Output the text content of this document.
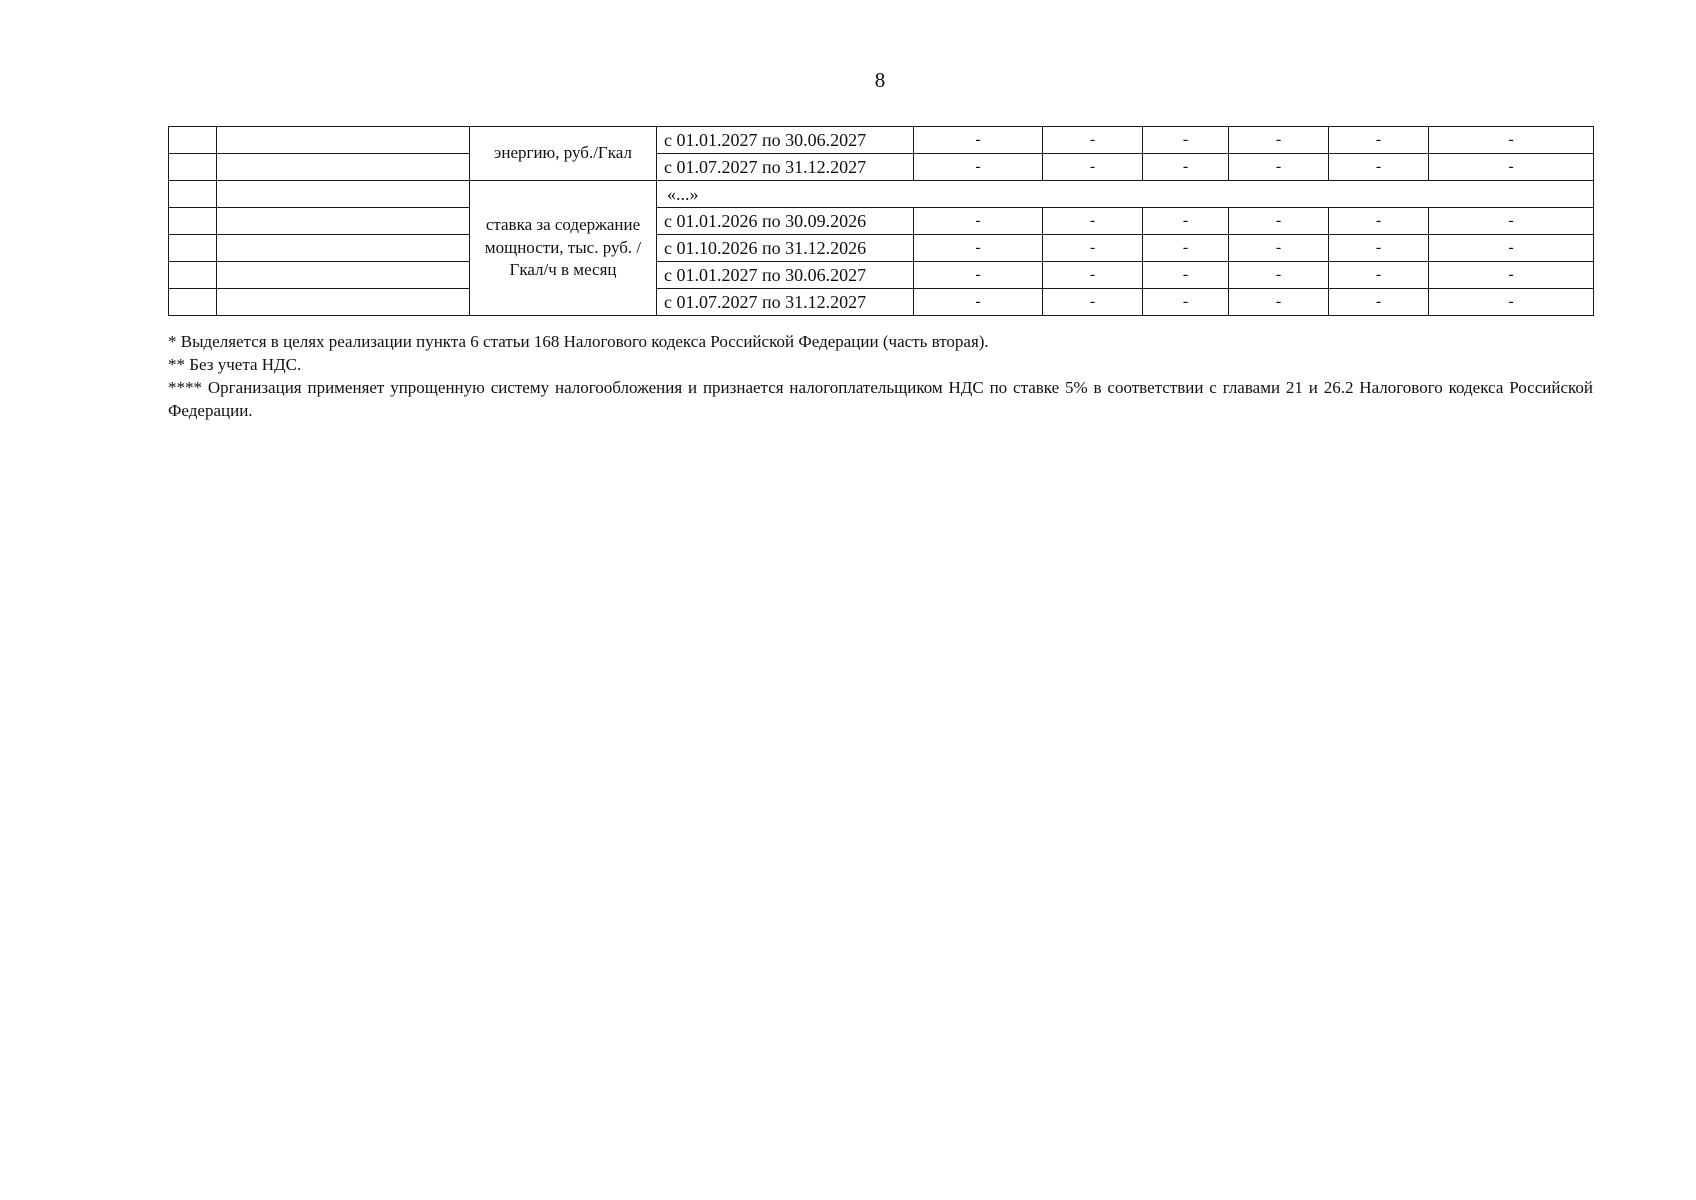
8
		энергию, руб./Гкал	с 01.01.2027 по 30.06.2027	-	-	-	-	-	-
			с 01.07.2027 по 31.12.2027	-	-	-	-	-	-
		ставка за содержание мощности, тыс. руб. /Гкал/ч в месяц	«...»						
			с 01.01.2026 по 30.09.2026	-	-	-	-	-	-
			с 01.10.2026 по 31.12.2026	-	-	-	-	-	-
			с 01.01.2027 по 30.06.2027	-	-	-	-	-	-
			с 01.07.2027 по 31.12.2027	-	-	-	-	-	-

* Выделяется в целях реализации пункта 6 статьи 168 Налогового кодекса Российской Федерации (часть вторая).

** Без учета НДС.

**** Организация применяет упрощенную систему налогообложения и признается налогоплательщиком НДС по ставке 5% в соответствии с главами 21 и 26.2 Налогового кодекса Российской Федерации.
